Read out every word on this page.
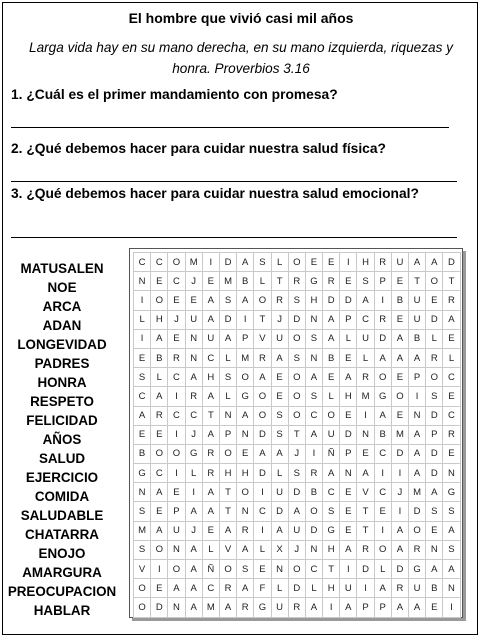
El hombre que vivió casi mil años
Larga vida hay en su mano derecha, en su mano izquierda, riquezas y honra. Proverbios 3.16
1. ¿Cuál es el primer mandamiento con promesa?
2. ¿Qué debemos hacer para cuidar nuestra salud física?
3. ¿Qué debemos hacer para cuidar nuestra salud emocional?
MATUSALEN
NOE
ARCA
ADAN
LONGEVIDAD
PADRES
HONRA
RESPETO
FELICIDAD
AÑOS
SALUD
EJERCICIO
COMIDA
SALUDABLE
CHATARRA
ENOJO
AMARGURA
PREOCUPACION
HABLAR
C	C	O	M	I	D	A	S	L	O	E	E	I	H	R	U	A	A	D
N	E	C	J	E	M	B	L	T	R	G	R	E	S	P	E	T	O	T
I	O	E	E	A	S	A	O	R	S	H	D	D	A	I	B	U	E	R
L	H	J	U	A	D	I	T	J	D	N	A	P	C	R	E	U	D	A
I	A	E	N	U	A	P	V	U	O	S	A	L	U	D	A	B	L	E
E	B	R	N	C	L	M	R	A	S	N	B	E	L	A	A	A	R	L
S	L	C	A	H	S	O	A	E	O	A	E	A	R	O	E	P	O	C
C	A	I	R	A	L	G	O	E	O	S	L	H	M	G	O	I	S	E
A	R	C	C	T	N	A	O	S	O	C	O	E	I	A	E	N	D	C
E	E	I	J	A	P	N	D	S	T	A	U	D	N	B	M	A	P	R
B	O	O	G	R	O	E	A	A	J	I	Ñ	P	E	C	D	A	D	E
G	C	I	L	R	H	H	D	L	S	R	A	N	A	I	I	A	D	N
N	A	E	I	A	T	O	I	U	D	B	C	E	V	C	J	M	A	G
S	E	P	A	A	T	N	C	D	A	O	S	E	T	E	I	D	S	S
M	A	U	J	E	A	R	I	A	U	D	G	E	T	I	A	O	E	A
S	O	N	A	L	V	A	L	X	J	N	H	A	R	O	A	R	N	S
V	I	O	A	Ñ	O	S	E	N	O	C	T	I	D	L	D	G	A	A
O	E	A	A	C	R	A	F	L	D	L	H	U	I	A	R	U	B	N
O	D	N	A	M	A	R	G	U	R	A	I	A	P	P	A	A	E	I
